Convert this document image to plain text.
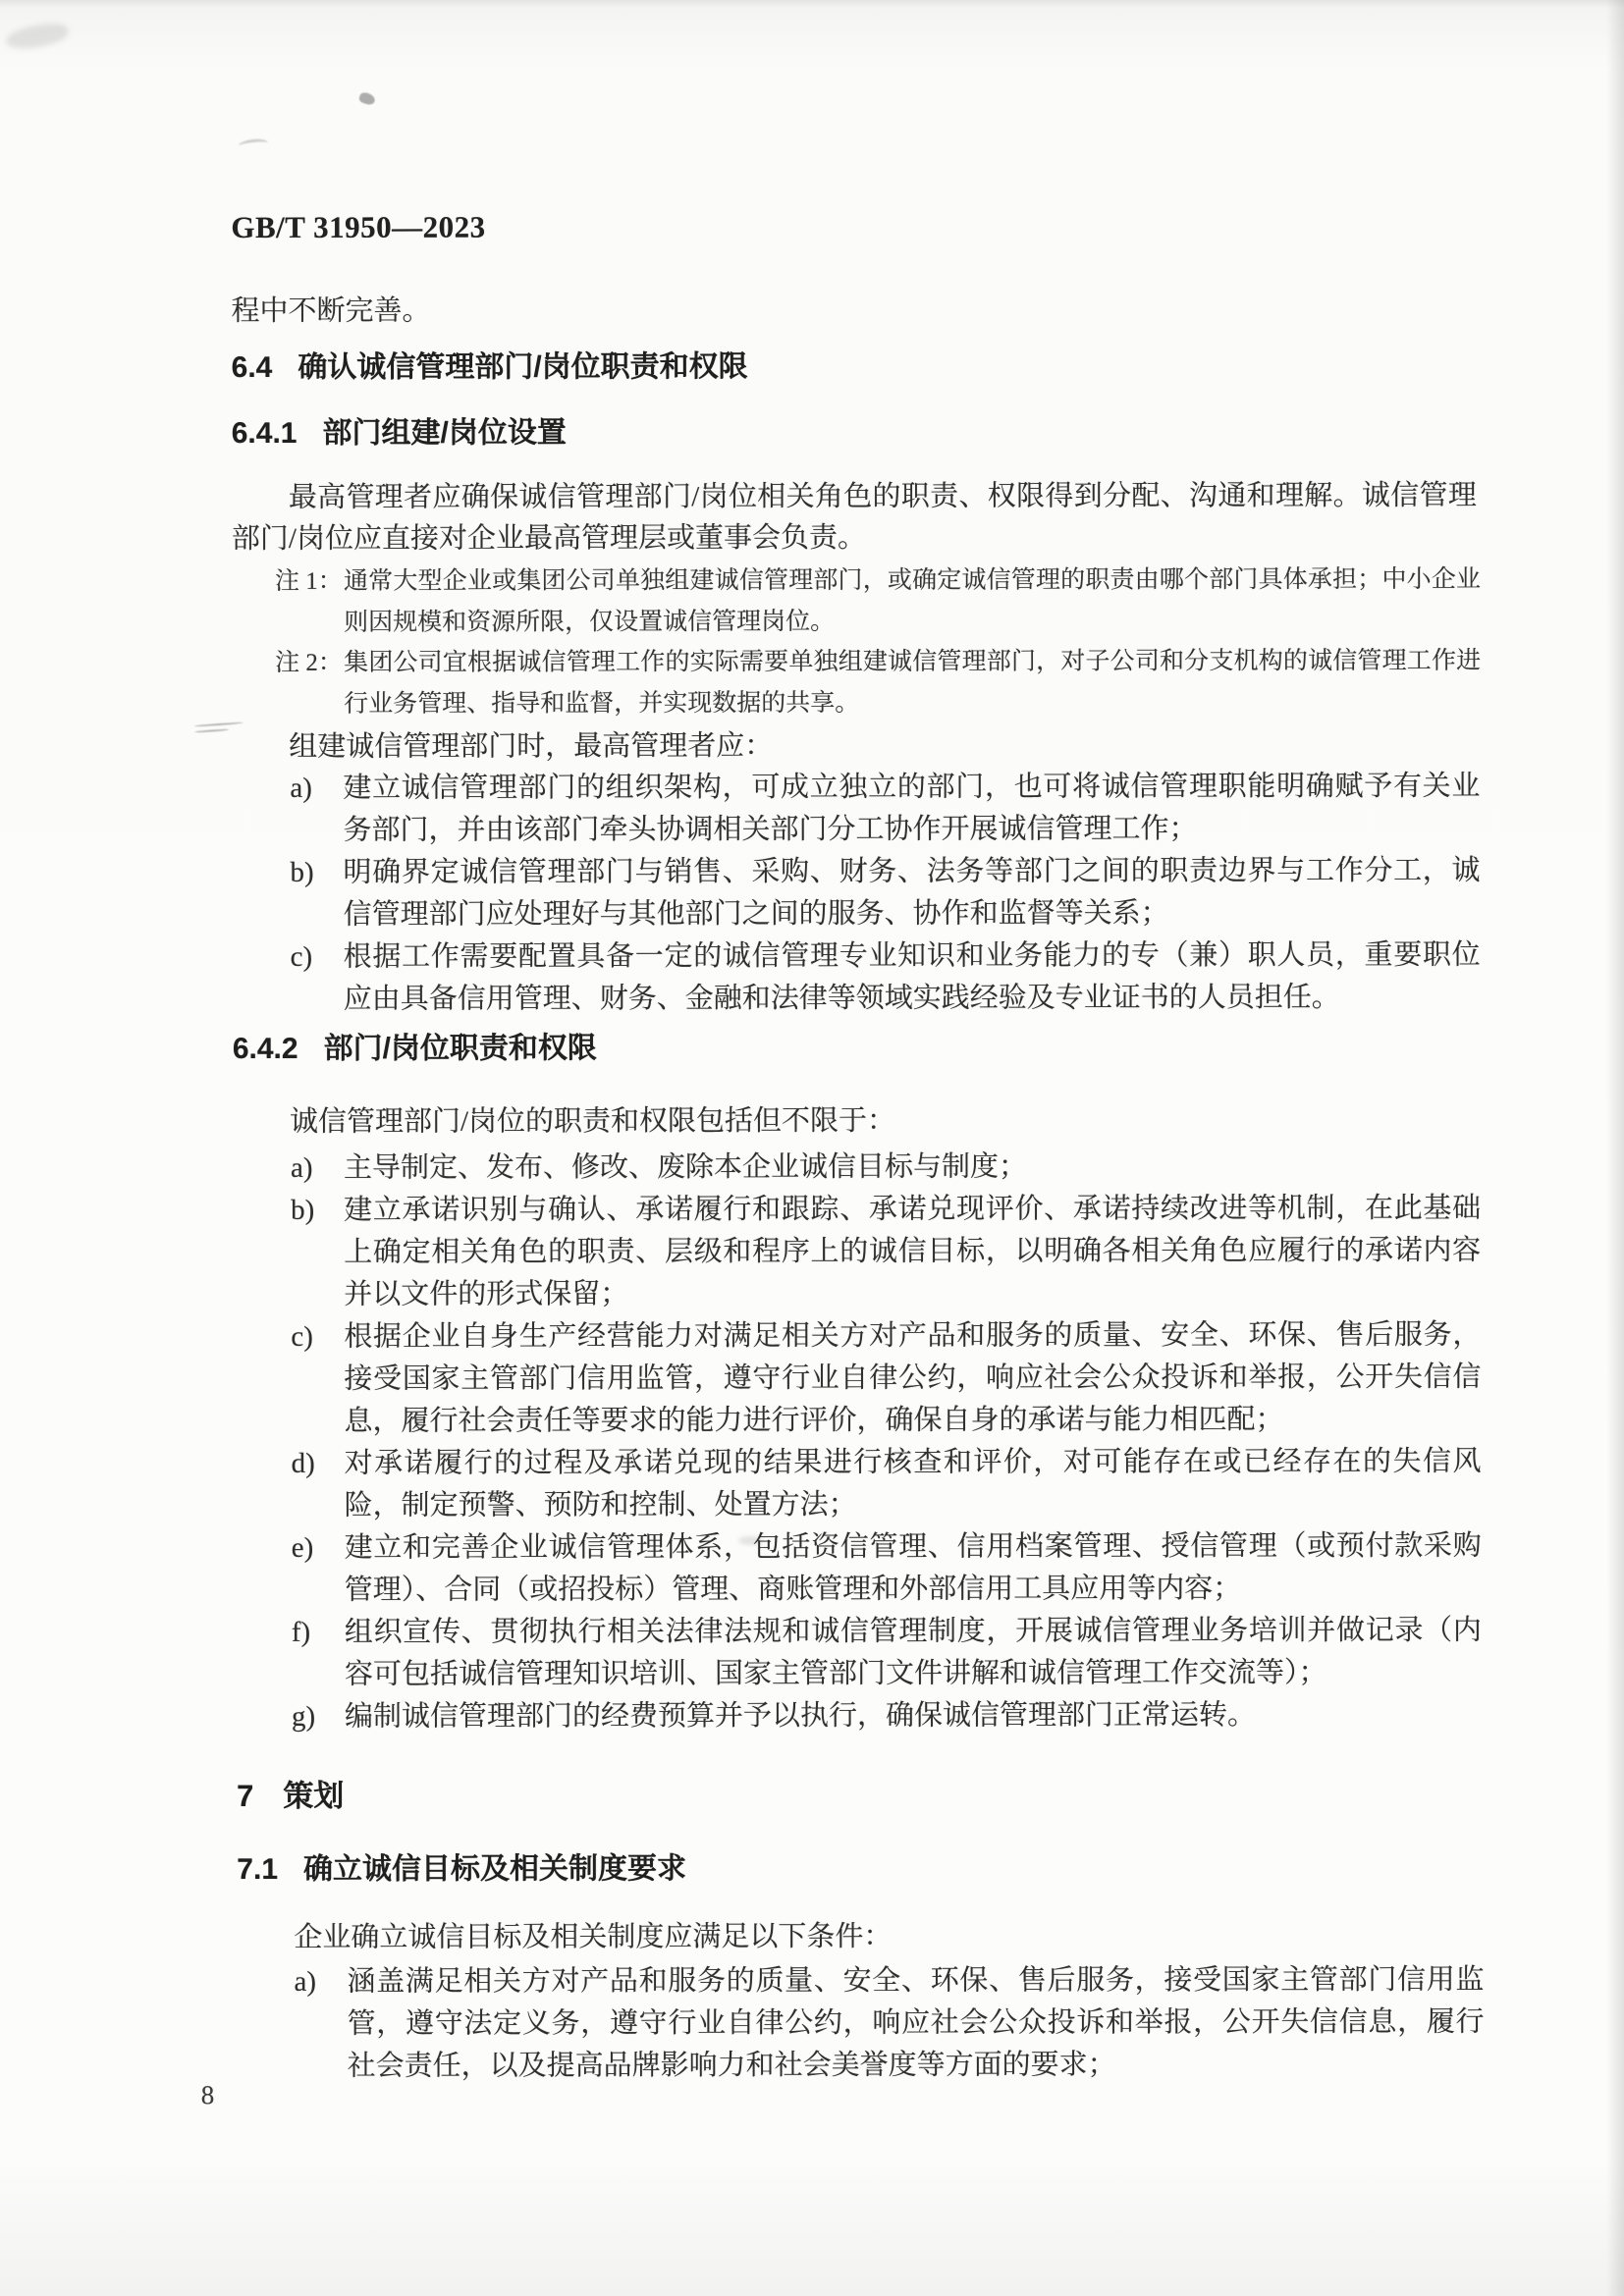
GB/T 31950—2023
程中不断完善。
6.4 确认诚信管理部门/岗位职责和权限
6.4.1 部门组建/岗位设置
最高管理者应确保诚信管理部门/岗位相关角色的职责、权限得到分配、沟通和理解。诚信管理部门/岗位应直接对企业最高管理层或董事会负责。
注 1： 通常大型企业或集团公司单独组建诚信管理部门，或确定诚信管理的职责由哪个部门具体承担；中小企业则因规模和资源所限，仅设置诚信管理岗位。
注 2： 集团公司宜根据诚信管理工作的实际需要单独组建诚信管理部门，对子公司和分支机构的诚信管理工作进行业务管理、指导和监督，并实现数据的共享。
组建诚信管理部门时，最高管理者应：
a)	建立诚信管理部门的组织架构，可成立独立的部门，也可将诚信管理职能明确赋予有关业务部门，并由该部门牵头协调相关部门分工协作开展诚信管理工作；
b)	明确界定诚信管理部门与销售、采购、财务、法务等部门之间的职责边界与工作分工，诚信管理部门应处理好与其他部门之间的服务、协作和监督等关系；
c)	根据工作需要配置具备一定的诚信管理专业知识和业务能力的专（兼）职人员，重要职位应由具备信用管理、财务、金融和法律等领域实践经验及专业证书的人员担任。
6.4.2 部门/岗位职责和权限
诚信管理部门/岗位的职责和权限包括但不限于：
a)	主导制定、发布、修改、废除本企业诚信目标与制度；
b)	建立承诺识别与确认、承诺履行和跟踪、承诺兑现评价、承诺持续改进等机制，在此基础上确定相关角色的职责、层级和程序上的诚信目标，以明确各相关角色应履行的承诺内容并以文件的形式保留；
c)	根据企业自身生产经营能力对满足相关方对产品和服务的质量、安全、环保、售后服务，接受国家主管部门信用监管，遵守行业自律公约，响应社会公众投诉和举报，公开失信信息，履行社会责任等要求的能力进行评价，确保自身的承诺与能力相匹配；
d)	对承诺履行的过程及承诺兑现的结果进行核查和评价，对可能存在或已经存在的失信风险，制定预警、预防和控制、处置方法；
e)	建立和完善企业诚信管理体系，包括资信管理、信用档案管理、授信管理（或预付款采购管理）、合同（或招投标）管理、商账管理和外部信用工具应用等内容；
f)	组织宣传、贯彻执行相关法律法规和诚信管理制度，开展诚信管理业务培训并做记录（内容可包括诚信管理知识培训、国家主管部门文件讲解和诚信管理工作交流等）；
g)	编制诚信管理部门的经费预算并予以执行，确保诚信管理部门正常运转。
7 策划
7.1 确立诚信目标及相关制度要求
企业确立诚信目标及相关制度应满足以下条件：
a)	涵盖满足相关方对产品和服务的质量、安全、环保、售后服务，接受国家主管部门信用监管，遵守法定义务，遵守行业自律公约，响应社会公众投诉和举报，公开失信信息，履行社会责任，以及提高品牌影响力和社会美誉度等方面的要求；
8
